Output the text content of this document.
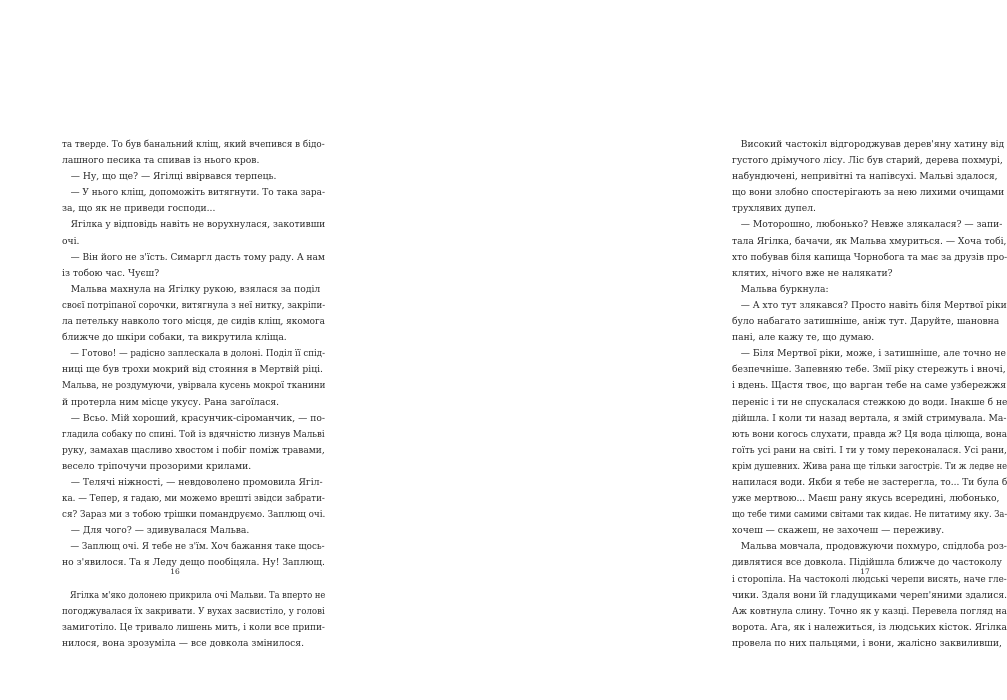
та тверде. То був банальний кліщ, який вчепився в бідо-
лашного песика та спивав із нього кров.
— Ну, що ще? — Ягілці ввірвався терпець.
— У нього кліщ, допоможіть витягнути. То така зара-
за, що як не приведи господи...
Ягілка у відповідь навіть не ворухнулася, закотивши
очі.
— Він його не з'їсть. Симаргл дасть тому раду. А нам
із тобою час. Чуєш?
Мальва махнула на Ягілку рукою, взялася за поділ
своєї потріпаної сорочки, витягнула з неї нитку, закріпи-
ла петельку навколо того місця, де сидів кліщ, якомога
ближче до шкіри собаки, та викрутила кліща.
— Готово! — радісно заплескала в долоні. Поділ її спід-
ниці ще був трохи мокрий від стояння в Мертвій ріці.
Мальва, не роздумуючи, увірвала кусень мокрої тканини
й протерла ним місце укусу. Рана загоїлася.
— Всьо. Мій хороший, красунчик-сіроманчик, — по-
гладила собаку по спині. Той із вдячністю лизнув Мальві
руку, замахав щасливо хвостом і побіг поміж травами,
весело тріпочучи прозорими крилами.
— Телячі ніжності, — невдоволено промовила Ягіл-
ка. — Тепер, я гадаю, ми можемо врешті звідси забрати-
ся? Зараз ми з тобою трішки помандруємо. Заплющ очі.
— Для чого? — здивувалася Мальва.
— Заплющ очі. Я тебе не з'їм. Хоч бажання таке щось-
но з'явилося. Та я Леду дещо пообіцяла. Ну! Заплющ.
Ягілка м'яко долонею прикрила очі Мальви. Та вперто не
погоджувалася їх закривати. У вухах засвистіло, у голові
замиготіло. Це тривало лишень мить, і коли все припи-
нилося, вона зрозуміла — все довкола змінилося.
16
Високий частокіл відгороджував дерев'яну хатину від
густого дрімучого лісу. Ліс був старий, дерева похмурі,
набундючені, непривітні та напівсухі. Мальві здалося,
що вони злобно спостерігають за нею лихими очищами
трухлявих дупел.
— Моторошно, любонько? Невже злякалася? — запи-
тала Ягілка, бачачи, як Мальва хмуриться. — Хоча тобі,
хто побував біля капища Чорнобога та має за друзів про-
клятих, нічого вже не налякати?
Мальва буркнула:
— А хто тут злякався? Просто навіть біля Мертвої ріки
було набагато затишніше, аніж тут. Даруйте, шановна
пані, але кажу те, що думаю.
— Біля Мертвої ріки, може, і затишніше, але точно не
безпечніше. Запевняю тебе. Змії ріку стережуть і вночі,
і вдень. Щастя твоє, що варган тебе на саме узбережжя
переніс і ти не спускалася стежкою до води. Інакше б не
дійшла. І коли ти назад вертала, я змій стримувала. Ма-
ють вони когось слухати, правда ж? Ця вода цілюща, вона
гоїть усі рани на світі. І ти у тому переконалася. Усі рани,
крім душевних. Жива рана ще тільки загостріє. Ти ж ледве не
напилася води. Якби я тебе не застерегла, то... Ти була б
уже мертвою... Маєш рану якусь всередині, любонько,
що тебе тими самими світами так кидає. Не питатиму яку. За-
хочеш — скажеш, не захочеш — переживу.
Мальва мовчала, продовжуючи похмуро, спідлоба роз-
дивлятися все довкола. Підійшла ближче до частоколу
і сторопіла. На частоколі людські черепи висять, наче гле-
чики. Здаля вони їй гладущиками череп'яними здалися.
Аж ковтнула слину. Точно як у казці. Перевела погляд на
ворота. Ага, як і належиться, із людських кісток. Ягілка
провела по них пальцями, і вони, жалісно заквиливши,
17
